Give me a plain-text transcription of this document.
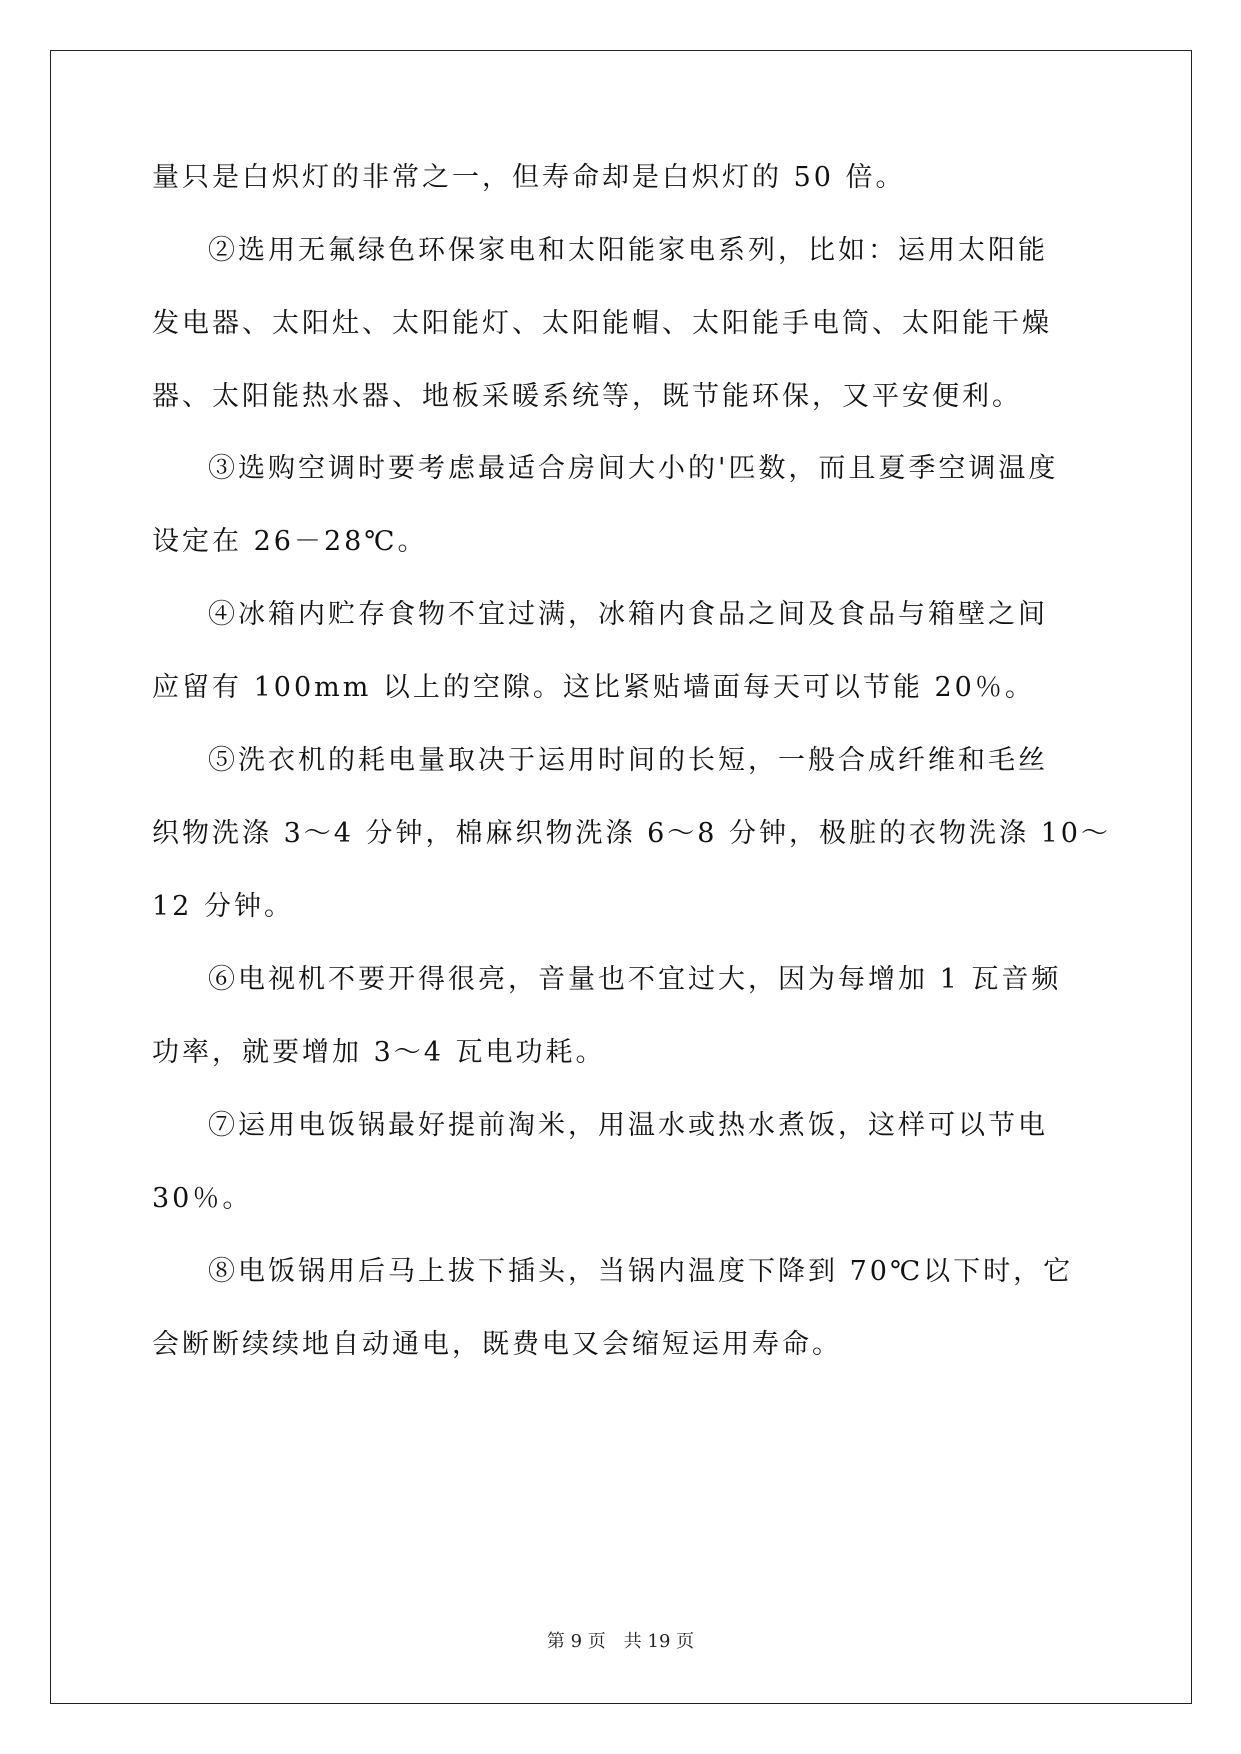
量只是白炽灯的非常之一，但寿命却是白炽灯的 50 倍。
②选用无氟绿色环保家电和太阳能家电系列，比如：运用太阳能
发电器、太阳灶、太阳能灯、太阳能帽、太阳能手电筒、太阳能干燥
器、太阳能热水器、地板采暖系统等，既节能环保，又平安便利。
③选购空调时要考虑最适合房间大小的'匹数，而且夏季空调温度
设定在 26－28℃。
④冰箱内贮存食物不宜过满，冰箱内食品之间及食品与箱壁之间
应留有 100mm 以上的空隙。这比紧贴墙面每天可以节能 20％。
⑤洗衣机的耗电量取决于运用时间的长短，一般合成纤维和毛丝
织物洗涤 3～4 分钟，棉麻织物洗涤 6～8 分钟，极脏的衣物洗涤 10～
12 分钟。
⑥电视机不要开得很亮，音量也不宜过大，因为每增加 1 瓦音频
功率，就要增加 3～4 瓦电功耗。
⑦运用电饭锅最好提前淘米，用温水或热水煮饭，这样可以节电
30％。
⑧电饭锅用后马上拔下插头，当锅内温度下降到 70℃以下时，它
会断断续续地自动通电，既费电又会缩短运用寿命。
第 9 页 共 19 页
